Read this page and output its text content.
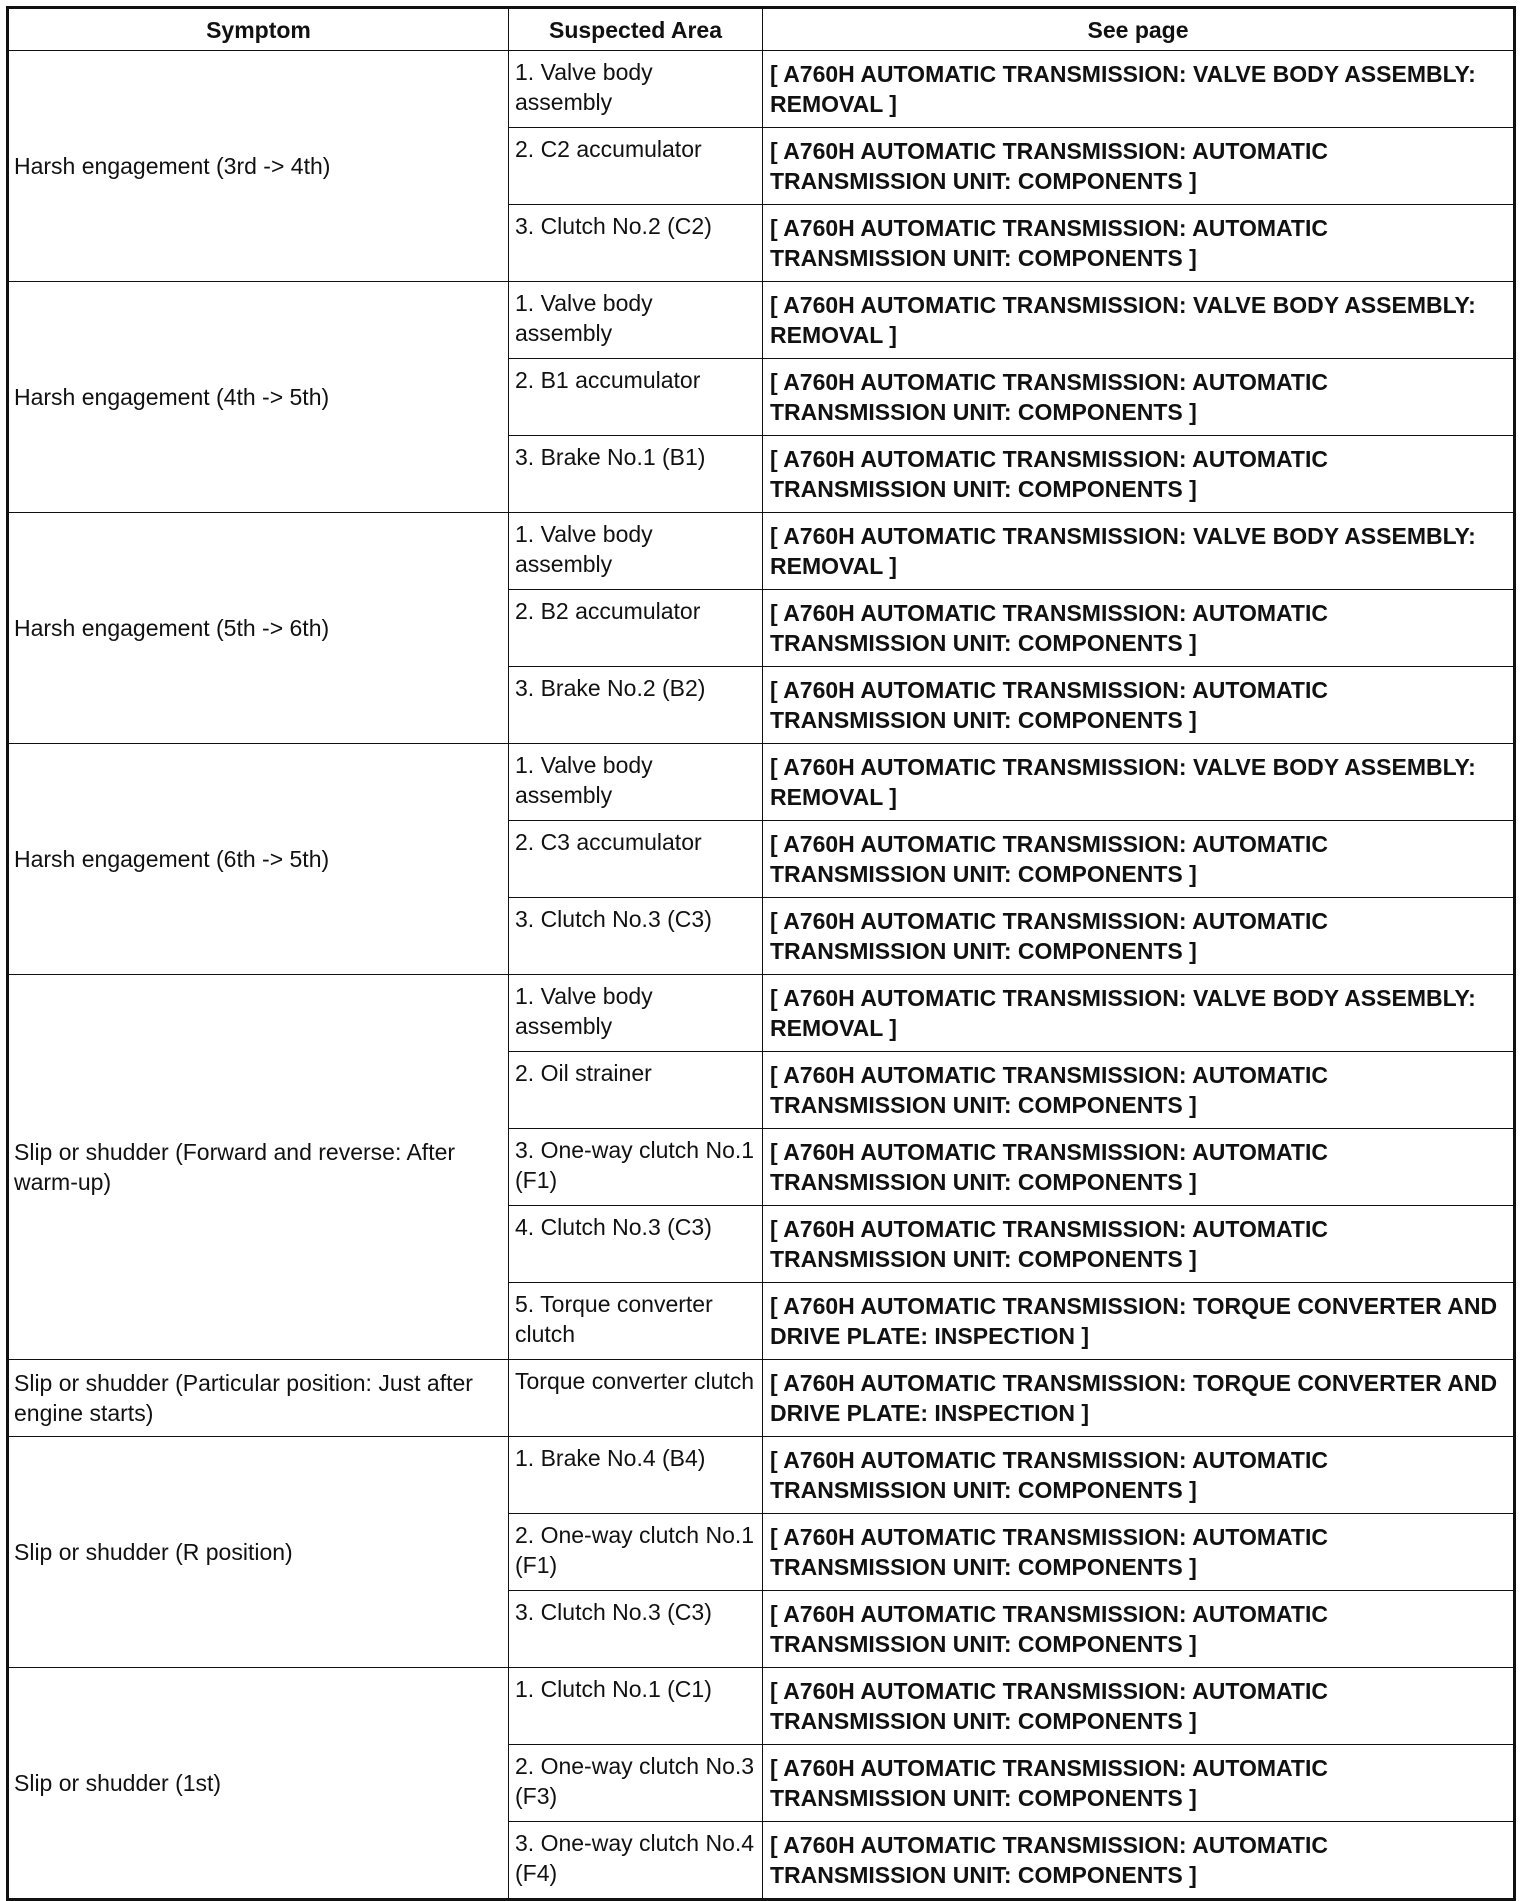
Symptom	Suspected Area	See page
Harsh engagement (3rd -> 4th)	1. Valve body assembly	[ A760H AUTOMATIC TRANSMISSION: VALVE BODY ASSEMBLY: REMOVAL ]

	2. C2 accumulator	[ A760H AUTOMATIC TRANSMISSION: AUTOMATIC TRANSMISSION UNIT: COMPONENTS ]

	3. Clutch No.2 (C2)	[ A760H AUTOMATIC TRANSMISSION: AUTOMATIC TRANSMISSION UNIT: COMPONENTS ]

Harsh engagement (4th -> 5th)	1. Valve body assembly	[ A760H AUTOMATIC TRANSMISSION: VALVE BODY ASSEMBLY: REMOVAL ]

	2. B1 accumulator	[ A760H AUTOMATIC TRANSMISSION: AUTOMATIC TRANSMISSION UNIT: COMPONENTS ]

	3. Brake No.1 (B1)	[ A760H AUTOMATIC TRANSMISSION: AUTOMATIC TRANSMISSION UNIT: COMPONENTS ]

Harsh engagement (5th -> 6th)	1. Valve body assembly	[ A760H AUTOMATIC TRANSMISSION: VALVE BODY ASSEMBLY: REMOVAL ]

	2. B2 accumulator	[ A760H AUTOMATIC TRANSMISSION: AUTOMATIC TRANSMISSION UNIT: COMPONENTS ]

	3. Brake No.2 (B2)	[ A760H AUTOMATIC TRANSMISSION: AUTOMATIC TRANSMISSION UNIT: COMPONENTS ]

Harsh engagement (6th -> 5th)	1. Valve body assembly	[ A760H AUTOMATIC TRANSMISSION: VALVE BODY ASSEMBLY: REMOVAL ]

	2. C3 accumulator	[ A760H AUTOMATIC TRANSMISSION: AUTOMATIC TRANSMISSION UNIT: COMPONENTS ]

	3. Clutch No.3 (C3)	[ A760H AUTOMATIC TRANSMISSION: AUTOMATIC TRANSMISSION UNIT: COMPONENTS ]

Slip or shudder (Forward and reverse: After warm-up)	1. Valve body assembly	[ A760H AUTOMATIC TRANSMISSION: VALVE BODY ASSEMBLY: REMOVAL ]

	2. Oil strainer	[ A760H AUTOMATIC TRANSMISSION: AUTOMATIC TRANSMISSION UNIT: COMPONENTS ]

	3. One-way clutch No.1 (F1)	[ A760H AUTOMATIC TRANSMISSION: AUTOMATIC TRANSMISSION UNIT: COMPONENTS ]

	4. Clutch No.3 (C3)	[ A760H AUTOMATIC TRANSMISSION: AUTOMATIC TRANSMISSION UNIT: COMPONENTS ]

	5. Torque converter clutch	[ A760H AUTOMATIC TRANSMISSION: TORQUE CONVERTER AND DRIVE PLATE: INSPECTION ]

Slip or shudder (Particular position: Just after engine starts)	Torque converter clutch	[ A760H AUTOMATIC TRANSMISSION: TORQUE CONVERTER AND DRIVE PLATE: INSPECTION ]

Slip or shudder (R position)	1. Brake No.4 (B4)	[ A760H AUTOMATIC TRANSMISSION: AUTOMATIC TRANSMISSION UNIT: COMPONENTS ]

	2. One-way clutch No.1 (F1)	[ A760H AUTOMATIC TRANSMISSION: AUTOMATIC TRANSMISSION UNIT: COMPONENTS ]

	3. Clutch No.3 (C3)	[ A760H AUTOMATIC TRANSMISSION: AUTOMATIC TRANSMISSION UNIT: COMPONENTS ]

Slip or shudder (1st)	1. Clutch No.1 (C1)	[ A760H AUTOMATIC TRANSMISSION: AUTOMATIC TRANSMISSION UNIT: COMPONENTS ]

	2. One-way clutch No.3 (F3)	[ A760H AUTOMATIC TRANSMISSION: AUTOMATIC TRANSMISSION UNIT: COMPONENTS ]

	3. One-way clutch No.4 (F4)	[ A760H AUTOMATIC TRANSMISSION: AUTOMATIC TRANSMISSION UNIT: COMPONENTS ]
